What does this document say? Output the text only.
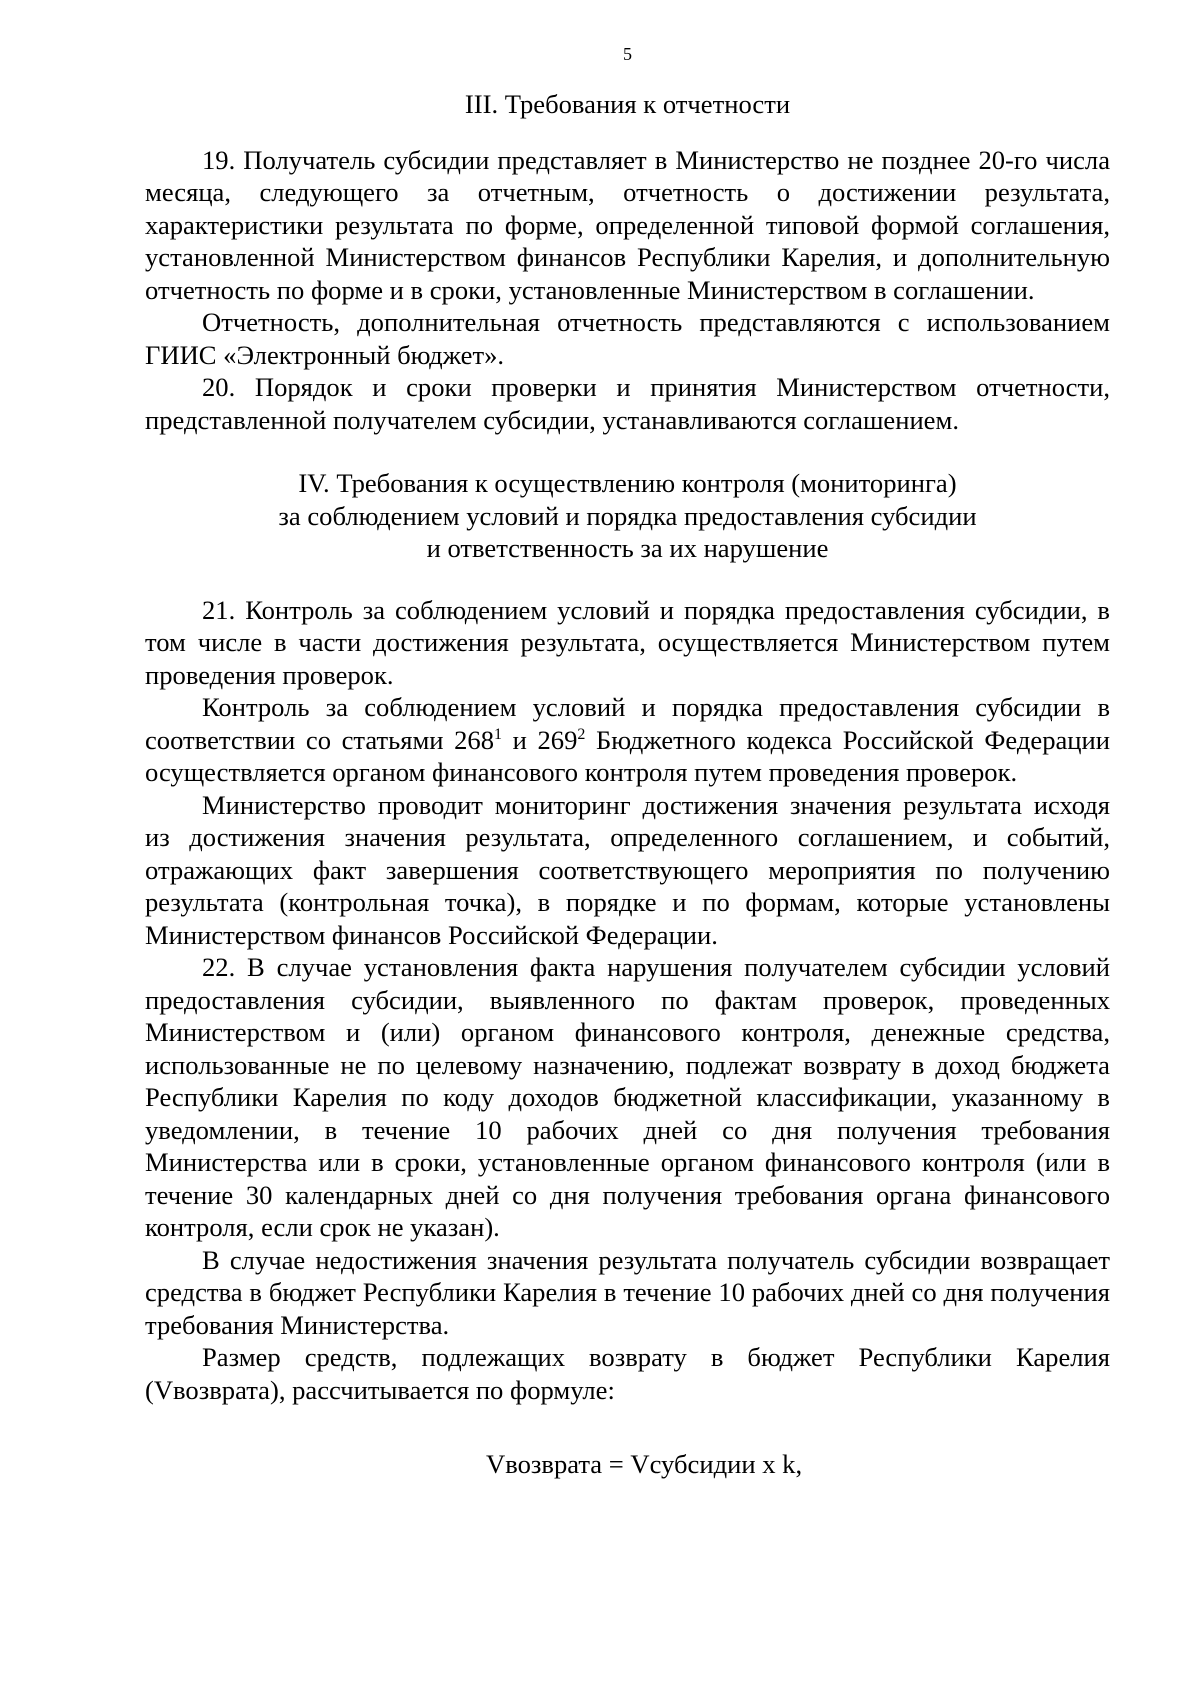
5
III. Требования к отчетности

19. Получатель субсидии представляет в Министерство не позднее 20-го числа месяца, следующего за отчетным, отчетность о достижении результата, характеристики результата по форме, определенной типовой формой соглашения, установленной Министерством финансов Республики Карелия, и дополнительную отчетность по форме и в сроки, установленные Министерством в соглашении.

Отчетность, дополнительная отчетность представляются с использованием ГИИС «Электронный бюджет».

20. Порядок и сроки проверки и принятия Министерством отчетности, представленной получателем субсидии, устанавливаются соглашением.

IV. Требования к осуществлению контроля (мониторинга)
за соблюдением условий и порядка предоставления субсидии
и ответственность за их нарушение

21. Контроль за соблюдением условий и порядка предоставления субсидии, в том числе в части достижения результата, осуществляется Министерством путем проведения проверок.

Контроль за соблюдением условий и порядка предоставления субсидии в соответствии со статьями $268^1$ и $269^2$ Бюджетного кодекса Российской Федерации осуществляется органом финансового контроля путем проведения проверок.

Министерство проводит мониторинг достижения значения результата исходя из достижения значения результата, определенного соглашением, и событий, отражающих факт завершения соответствующего мероприятия по получению результата (контрольная точка), в порядке и по формам, которые установлены Министерством финансов Российской Федерации.

22. В случае установления факта нарушения получателем субсидии условий предоставления субсидии, выявленного по фактам проверок, проведенных Министерством и (или) органом финансового контроля, денежные средства, использованные не по целевому назначению, подлежат возврату в доход бюджета Республики Карелия по коду доходов бюджетной классификации, указанному в уведомлении, в течение 10 рабочих дней со дня получения требования Министерства или в сроки, установленные органом финансового контроля (или в течение 30 календарных дней со дня получения требования органа финансового контроля, если срок не указан).

В случае недостижения значения результата получатель субсидии возвращает средства в бюджет Республики Карелия в течение 10 рабочих дней со дня получения требования Министерства.

Размер средств, подлежащих возврату в бюджет Республики Карелия (Vвозврата), рассчитывается по формуле:

Vвозврата = Vсубсидии x k,
